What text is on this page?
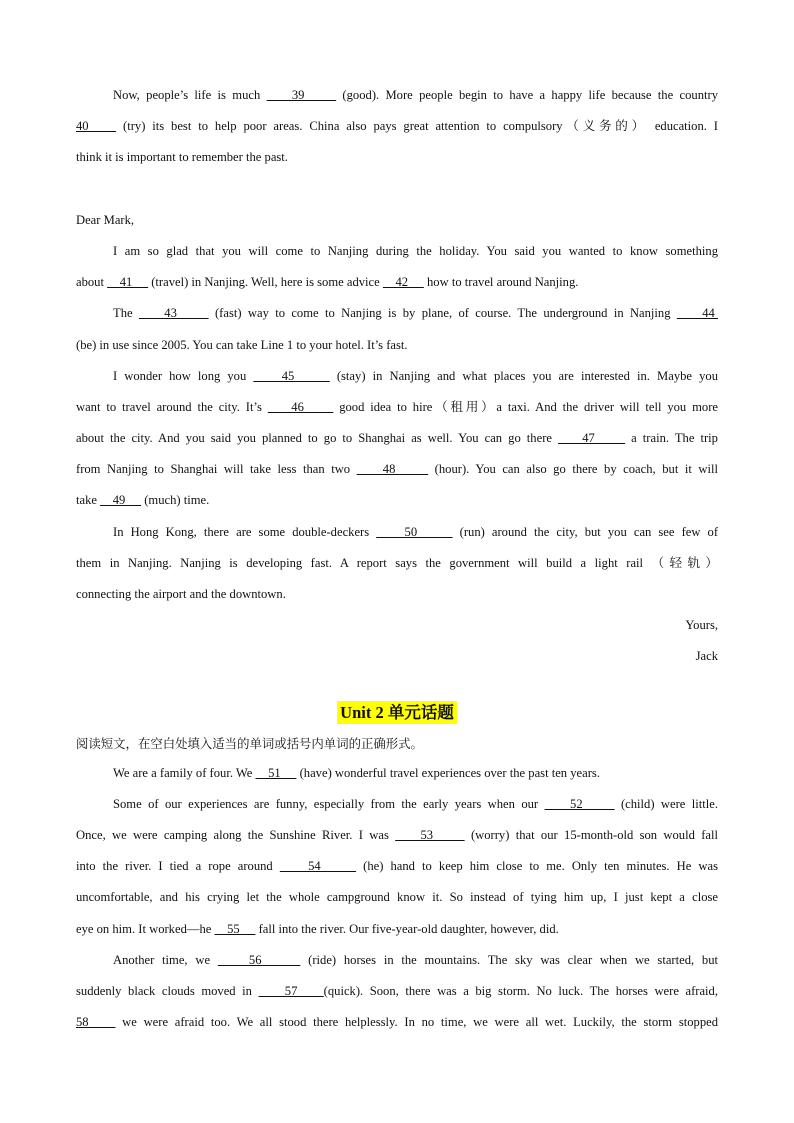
Now, people’s life is much     39      (good). More people begin to have a happy life because the country
40     (try) its best to help poor areas. China also pays great attention to compulsory（义务的） education. I
think it is important to remember the past.
Dear Mark,
I am so glad that you will come to Nanjing during the holiday. You said you wanted to know something
about     41      (travel) in Nanjing. Well, here is some advice     42      how to travel around Nanjing.
The     43      (fast) way to come to Nanjing is by plane, of course. The underground in Nanjing     44
(be) in use since 2005. You can take Line 1 to your hotel. It’s fast.
I wonder how long you     45      (stay) in Nanjing and what places you are interested in. Maybe you
want to travel around the city. It’s     46      good idea to hire（租用）a taxi. And the driver will tell you more
about the city. And you said you planned to go to Shanghai as well. You can go there     47      a train. The trip
from Nanjing to Shanghai will take less than two     48      (hour). You can also go there by coach, but it will
take     49      (much) time.
In Hong Kong, there are some double-deckers     50      (run) around the city, but you can see few of
them in Nanjing. Nanjing is developing fast. A report says the government will build a light rail （轻轨）
connecting the airport and the downtown.
Yours,
Jack
Unit 2 单元话题
阅读短文，在空白处填入适当的单词或括号内单词的正确形式。
We are a family of four. We     51      (have) wonderful travel experiences over the past ten years.
Some of our experiences are funny, especially from the early years when our     52      (child) were little.
Once, we were camping along the Sunshine River. I was     53      (worry) that our 15-month-old son would fall
into the river. I tied a rope around     54      (he) hand to keep him close to me. Only ten minutes. He was
uncomfortable, and his crying let the whole campground know it. So instead of tying him up, I just kept a close
eye on him. It worked—he     55      fall into the river. Our five-year-old daughter, however, did.
Another time, we     56      (ride) horses in the mountains. The sky was clear when we started, but
suddenly black clouds moved in     57    (quick). Soon, there was a big storm. No luck. The horses were afraid,
58     we were afraid too. We all stood there helplessly. In no time, we were all wet. Luckily, the storm stopped
